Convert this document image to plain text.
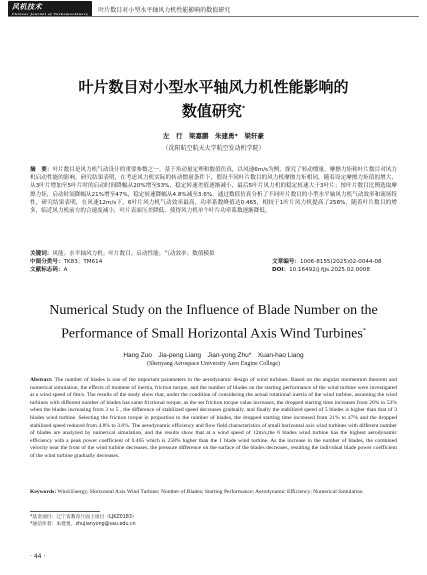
风机技术
Chinese Journal of Turbomachinery
叶片数目对小型水平轴风力机性能影响的数值研究
叶片数目对小型水平轴风力机性能影响的
数值研究*
左　行　梁嘉鹏　朱建勇*　梁轩豪
（沈阳航空航天大学航空发动机学院）
摘　要：叶片数目是风力机气动设计的重要参数之一。基于角动量定理和数值仿真，以风速6m/s为例，探究了转动惯量、摩擦力矩和叶片数目对风力机启动性能的影响。研究结果表明，在考虑风力机实际的转动惯量条件下，假设不同叶片数目的风力机摩擦力矩相同，随着设定摩擦力矩值的增大，从3叶片增加至5叶片时的启动时间降幅从20%增至53%，稳定转速差值逐渐减小，最后5叶片风力机的稳定转速大于3叶片；按叶片数目比例选取摩擦力矩，启动时间降幅从21%增至47%，稳定转速降幅从4.8%减至3.6%。通过数值仿真分析了不同叶片数目的小型水平轴风力机气动效率和流场特性，研究结果表明，在风速12m/s下，6叶片风力机气动效率最高，功率系数峰值达0.465，相较于1叶片风力机提高了258%，随着叶片数目的增多，临近风力机前方的合速度减小，叶片表面压差降低，使得风力机单个叶片功率系数逐渐降低。
关键词：风能；水平轴风力机；叶片数目；启动性能；气动效率；数值模拟
中图分类号：TK83；TM614
文献标志码：A
文章编号：1006-8155(2025)02-0044-08
DOI：10.16492/j.fjjs.2025.02.0008
Numerical Study on the Influence of Blade Number on the
Performance of Small Horizontal Axis Wind Turbines*
Hang Zuo　Jia-peng Liang　Jian-yong Zhu*　Xuan-hao Liang
(Shenyang Aerospace University Aero Engine College)
Abstract: The number of blades is one of the important parameters in the aerodynamic design of wind turbines. Based on the angular momentum theorem and numerical simulation, the effects of moment of inertia, friction torque, and the number of blades on the starting performance of the wind turbine were investigated at a wind speed of 6m/s. The results of the study show that, under the condition of considering the actual rotational inertia of the wind turbine, assuming the wind turbines with different number of blades has same frictional torque, as the set friction torque value increases, the dropped starting time increases from 20% to 53% when the blades increasing from 3 to 5 , the difference of stabilized speed decreases gradually, and finally the stabilized speed of 5 blades is higher than that of 3 blades wind turbine. Selecting the friction torque in proportion to the number of blades, the dropped starting time increased from 21% to 47% and the dropped stabilized speed reduced from 4.8% to 3.6%. The aerodynamic efficiency and flow field characteristics of small horizontal axis wind turbines with different number of blades are analyzed by numerical simulation, and the results show that at a wind speed of 12m/s,the 6 blades wind turbine has the highest aerodynamic efficiency with a peak power coefficient of 0.465 which is 258% higher than the 1 blade wind turbine. As the increase in the number of blades, the combined velocity near the front of the wind turbine decreases, the pressure difference on the surface of the blades decreases, resulting the individual blade power coefficient of the wind turbine gradually decreases.
Keywords: Wind Energy; Horizontal Axis Wind Turbine; Number of Blades; Starting Performance; Aerodynamic Efficiency; Numerical Simulation
*基金项目：辽宁省教育厅面上项目（LJKZ0183）
*通信作者：朱建勇，zhujianyong@sau.edu.cn
· 44 ·
